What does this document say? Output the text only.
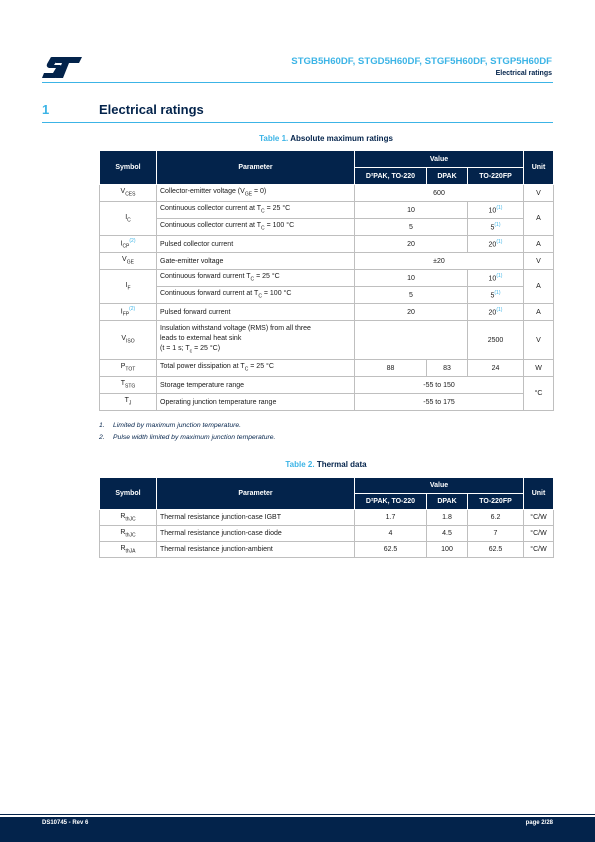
STGB5H60DF, STGD5H60DF, STGF5H60DF, STGP5H60DF
Electrical ratings
1	Electrical ratings
Table 1. Absolute maximum ratings
Symbol	Parameter	Value			Unit
		D²PAK, TO-220	DPAK	TO-220FP	
$V_{CES}$	Collector-emitter voltage $(V_{GE} = 0)$	600			V
$I_C$	Continuous collector current at $T_C = 25$ °C	10		10$^{(1)}$	A
	Continuous collector current at $T_C = 100$ °C	5		5$^{(1)}$
$I_{CP}^{(2)}$	Pulsed collector current	20		20$^{(1)}$	A
$V_{GE}$	Gate-emitter voltage	±20			V
$I_F$	Continuous forward current $T_C = 25$ °C	10		10$^{(1)}$	A
	Continuous forward current at $T_C = 100$ °C	5		5$^{(1)}$
$I_{FP}^{(2)}$	Pulsed forward current	20		20$^{(1)}$	A
$V_{ISO}$	Insulation withstand voltage (RMS) from all three
leads to external heat sink
(t = 1 s; $T_c = 25$ °C)			2500	V
$P_{TOT}$	Total power dissipation at $T_C = 25$ °C	88	83	24	W
$T_{STG}$	Storage temperature range	-55 to 150			°C
$T_J$	Operating junction temperature range	-55 to 175			
1. Limited by maximum junction temperature.
2. Pulse width limited by maximum junction temperature.
Table 2. Thermal data
Symbol	Parameter	Value			Unit
		D²PAK, TO-220	DPAK	TO-220FP	
$R_{thJC}$	Thermal resistance junction-case IGBT	1.7	1.8	6.2	°C/W
$R_{thJC}$	Thermal resistance junction-case diode	4	4.5	7	°C/W
$R_{thJA}$	Thermal resistance junction-ambient	62.5	100	62.5	°C/W
DS10745 - Rev 6	page 2/28
